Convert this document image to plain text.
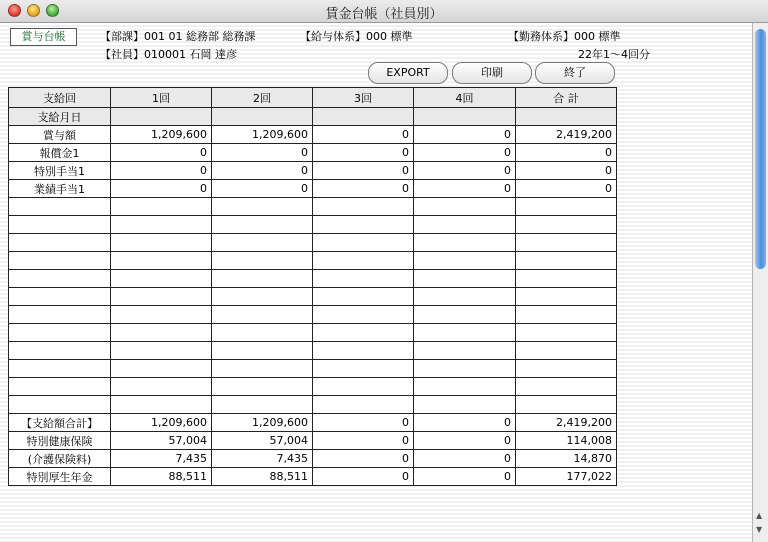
賃金台帳（社員別）
賞与台帳	【部課】001 01 総務部 総務課	【給与体系】000 標準	【勤務体系】000 標準
【社員】010001 石岡 達彦	22年1〜4回分
EXPORT	印刷	終了
支給回	1回	2回	3回	4回	合 計
支給月日					
賞与額	1,209,600	1,209,600	0	0	2,419,200
報償金1	0	0	0	0	0
特別手当1	0	0	0	0	0
業績手当1	0	0	0	0	0

【支給額合計】	1,209,600	1,209,600	0	0	2,419,200
特別健康保険	57,004	57,004	0	0	114,008
(介護保険料)	7,435	7,435	0	0	14,870
特別厚生年金	88,511	88,511	0	0	177,022
▲
▼
